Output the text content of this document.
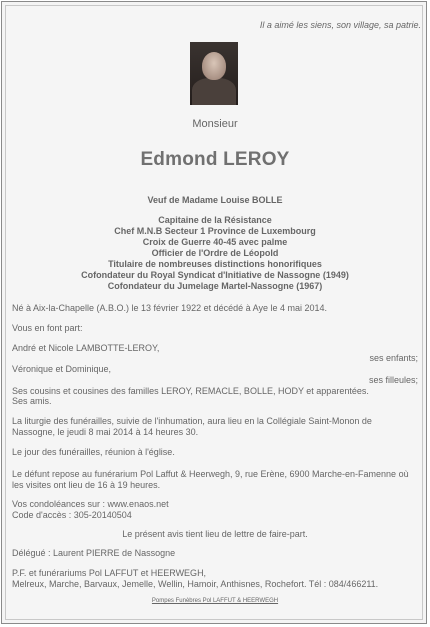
Il a aimé les siens, son village, sa patrie.
Monsieur
Edmond LEROY
Veuf de Madame Louise BOLLE
Capitaine de la Résistance
Chef M.N.B Secteur 1 Province de Luxembourg
Croix de Guerre 40-45 avec palme
Officier de l'Ordre de Léopold
Titulaire de nombreuses distinctions honorifiques
Cofondateur du Royal Syndicat d'Initiative de Nassogne (1949)
Cofondateur du Jumelage Martel-Nassogne (1967)
Né à Aix-la-Chapelle (A.B.O.) le 13 février 1922 et décédé à Aye le 4 mai 2014.
Vous en font part:
André et Nicole LAMBOTTE-LEROY,
ses enfants;
Véronique et Dominique,
ses filleules;
Ses cousins et cousines des familles LEROY, REMACLE, BOLLE, HODY et apparentées.
Ses amis.
La liturgie des funérailles, suivie de l'inhumation, aura lieu en la Collégiale Saint-Monon de
Nassogne, le jeudi 8 mai 2014 à 14 heures 30.
Le jour des funérailles, réunion à l'église.
Le défunt repose au funérarium Pol Laffut & Heerwegh, 9, rue Erène, 6900 Marche-en-Famenne où
les visites ont lieu de 16 à 19 heures.
Vos condoléances sur : www.enaos.net
Code d'accès : 305-20140504
Le présent avis tient lieu de lettre de faire-part.
Délégué : Laurent PIERRE de Nassogne
P.F. et funérariums Pol LAFFUT et HEERWEGH,
Melreux, Marche, Barvaux, Jemelle, Wellin, Hamoir, Anthisnes, Rochefort. Tél : 084/466211.
Pompes Funèbres Pol LAFFUT & HEERWEGH
